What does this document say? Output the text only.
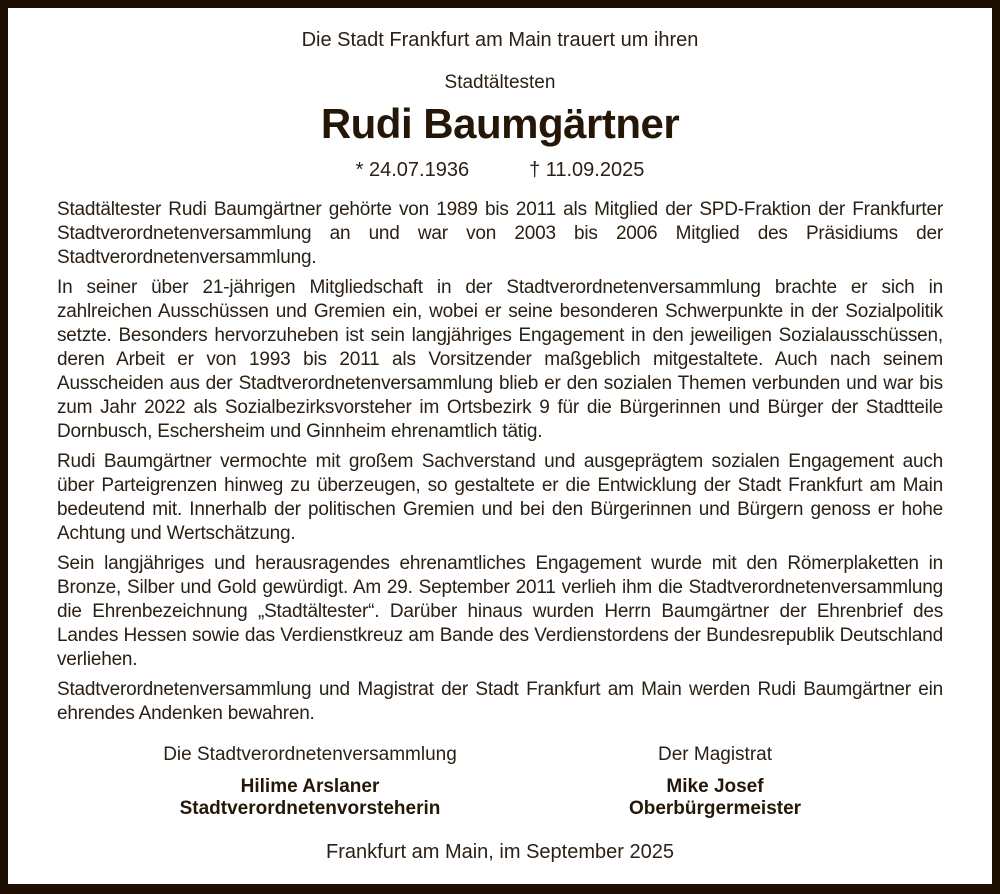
Die Stadt Frankfurt am Main trauert um ihren
Stadtältesten
Rudi Baumgärtner
* 24.07.1936	† 11.09.2025

Stadtältester Rudi Baumgärtner gehörte von 1989 bis 2011 als Mitglied der SPD-Fraktion der Frankfurter Stadtverordnetenversammlung an und war von 2003 bis 2006 Mitglied des Präsidiums der Stadtverordnetenversammlung.

In seiner über 21-jährigen Mitgliedschaft in der Stadtverordnetenversammlung brachte er sich in zahlreichen Ausschüssen und Gremien ein, wobei er seine besonderen Schwerpunkte in der Sozialpolitik setzte. Besonders hervorzuheben ist sein langjähriges Engagement in den jeweiligen Sozialausschüssen, deren Arbeit er von 1993 bis 2011 als Vorsitzender maßgeblich mitgestaltete. Auch nach seinem Ausscheiden aus der Stadtverordnetenversammlung blieb er den sozialen Themen verbunden und war bis zum Jahr 2022 als Sozialbezirksvorsteher im Ortsbezirk 9 für die Bürgerinnen und Bürger der Stadtteile Dornbusch, Eschersheim und Ginnheim ehrenamtlich tätig.

Rudi Baumgärtner vermochte mit großem Sachverstand und ausgeprägtem sozialen Engagement auch über Parteigrenzen hinweg zu überzeugen, so gestaltete er die Entwicklung der Stadt Frankfurt am Main bedeutend mit. Innerhalb der politischen Gremien und bei den Bürgerinnen und Bürgern genoss er hohe Achtung und Wertschätzung.

Sein langjähriges und herausragendes ehrenamtliches Engagement wurde mit den Römerplaketten in Bronze, Silber und Gold gewürdigt. Am 29. September 2011 verlieh ihm die Stadtverordnetenversammlung die Ehrenbezeichnung „Stadtältester“. Darüber hinaus wurden Herrn Baumgärtner der Ehrenbrief des Landes Hessen sowie das Verdienstkreuz am Bande des Verdienstordens der Bundesrepublik Deutschland verliehen.

Stadtverordnetenversammlung und Magistrat der Stadt Frankfurt am Main werden Rudi Baumgärtner ein ehrendes Andenken bewahren.

Die Stadtverordnetenversammlung
Hilime Arslaner
Stadtverordnetenvorsteherin
Der Magistrat
Mike Josef
Oberbürgermeister
Frankfurt am Main, im September 2025
